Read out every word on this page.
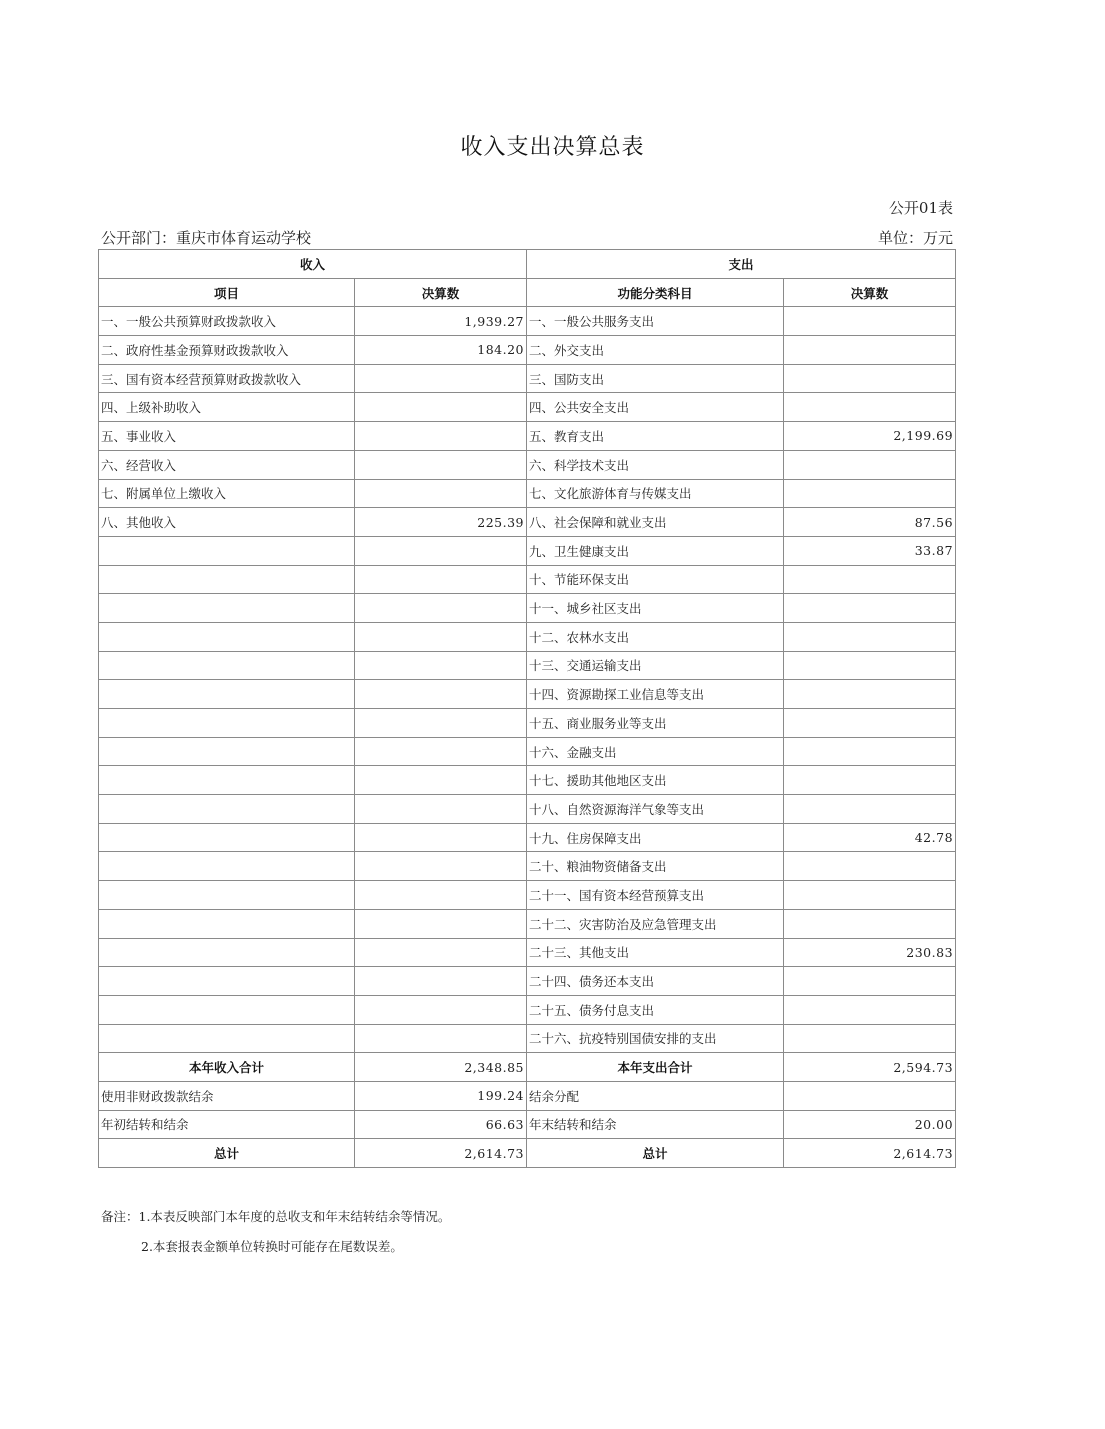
收入支出决算总表
公开01表
公开部门：重庆市体育运动学校	单位：万元
收入		支出	
项目	决算数	功能分类科目	决算数
一、一般公共预算财政拨款收入	1,939.27	一、一般公共服务支出	
二、政府性基金预算财政拨款收入	184.20	二、外交支出	
三、国有资本经营预算财政拨款收入		三、国防支出	
四、上级补助收入		四、公共安全支出	
五、事业收入		五、教育支出	2,199.69
六、经营收入		六、科学技术支出	
七、附属单位上缴收入		七、文化旅游体育与传媒支出	
八、其他收入	225.39	八、社会保障和就业支出	87.56
		九、卫生健康支出	33.87
		十、节能环保支出	
		十一、城乡社区支出	
		十二、农林水支出	
		十三、交通运输支出	
		十四、资源勘探工业信息等支出	
		十五、商业服务业等支出	
		十六、金融支出	
		十七、援助其他地区支出	
		十八、自然资源海洋气象等支出	
		十九、住房保障支出	42.78
		二十、粮油物资储备支出	
		二十一、国有资本经营预算支出	
		二十二、灾害防治及应急管理支出	
		二十三、其他支出	230.83
		二十四、债务还本支出	
		二十五、债务付息支出	
		二十六、抗疫特别国债安排的支出	
本年收入合计	2,348.85	本年支出合计	2,594.73
使用非财政拨款结余	199.24	结余分配	
年初结转和结余	66.63	年末结转和结余	20.00
总计	2,614.73	总计	2,614.73
备注：1.本表反映部门本年度的总收支和年末结转结余等情况。
2.本套报表金额单位转换时可能存在尾数误差。
